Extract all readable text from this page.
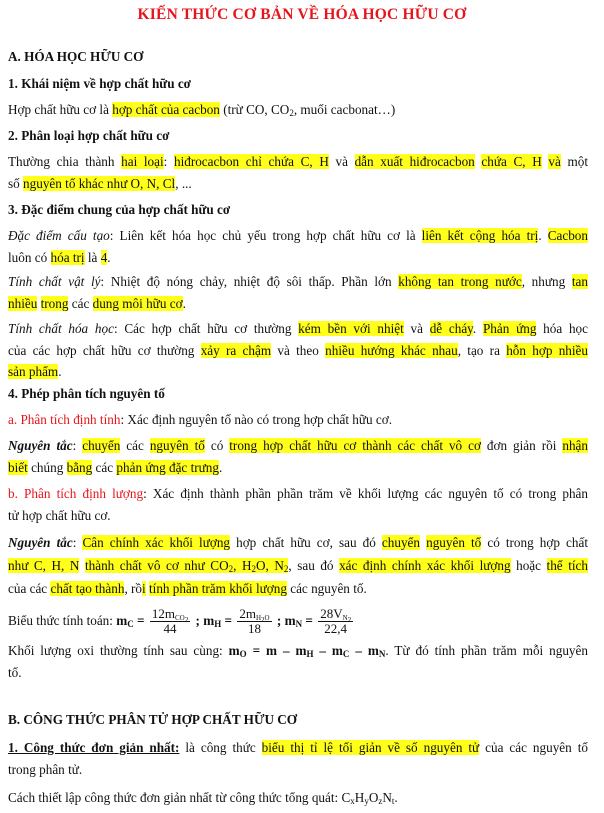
KIẾN THỨC CƠ BẢN VỀ HÓA HỌC HỮU CƠ
A. HÓA HỌC HỮU CƠ
1. Khái niệm về hợp chất hữu cơ
Hợp chất hữu cơ là hợp chất của cacbon (trừ CO, $CO_2$, muối cacbonat…)
2. Phân loại hợp chất hữu cơ
Thường chia thành hai loại: hiđrocacbon chỉ chứa C, H và dẫn xuất hiđrocacbon chứa C, H và một
số nguyên tố khác như O, N, Cl, ...
3. Đặc điểm chung của hợp chất hữu cơ
Đặc điểm cấu tạo: Liên kết hóa học chủ yếu trong hợp chất hữu cơ là liên kết cộng hóa trị. Cacbon
luôn có hóa trị là 4.
Tính chất vật lý: Nhiệt độ nóng chảy, nhiệt độ sôi thấp. Phần lớn không tan trong nước, nhưng tan
nhiều trong các dung môi hữu cơ.
Tính chất hóa học: Các hợp chất hữu cơ thường kém bền với nhiệt và dễ cháy. Phản ứng hóa học
của các hợp chất hữu cơ thường xảy ra chậm và theo nhiều hướng khác nhau, tạo ra hỗn hợp nhiều
sản phẩm.
4. Phép phân tích nguyên tố
a. Phân tích định tính: Xác định nguyên tố nào có trong hợp chất hữu cơ.
Nguyên tắc: chuyển các nguyên tố có trong hợp chất hữu cơ thành các chất vô cơ đơn giản rồi nhận
biết chúng bằng các phản ứng đặc trưng.
b. Phân tích định lượng: Xác định thành phần phần trăm về khối lượng các nguyên tố có trong phân
tử hợp chất hữu cơ.
Nguyên tắc: Cân chính xác khối lượng hợp chất hữu cơ, sau đó chuyển nguyên tố có trong hợp chất
như C, H, N thành chất vô cơ như $CO_2$, $H_2O$, $N_2$, sau đó xác định chính xác khối lượng hoặc thể tích
của các chất tạo thành, rồi tính phần trăm khối lượng các nguyên tố.
Biểu thức tính toán: $m_C = \frac{12m_{CO_2}}{44}$ ; $m_H = \frac{2m_{H_2O}}{18}$ ; $m_N = \frac{28V_{N_2}}{22,4}$
Khối lượng oxi thường tính sau cùng: $m_O = m - m_H - m_C - m_N$. Từ đó tính phần trăm mỗi nguyên
tố.
B. CÔNG THỨC PHÂN TỬ HỢP CHẤT HỮU CƠ
1. Công thức đơn giản nhất: là công thức biểu thị tỉ lệ tối giản về số nguyên tử của các nguyên tố
trong phân tử.
Cách thiết lập công thức đơn giản nhất từ công thức tổng quát: $C_xH_yO_zN_t$.
